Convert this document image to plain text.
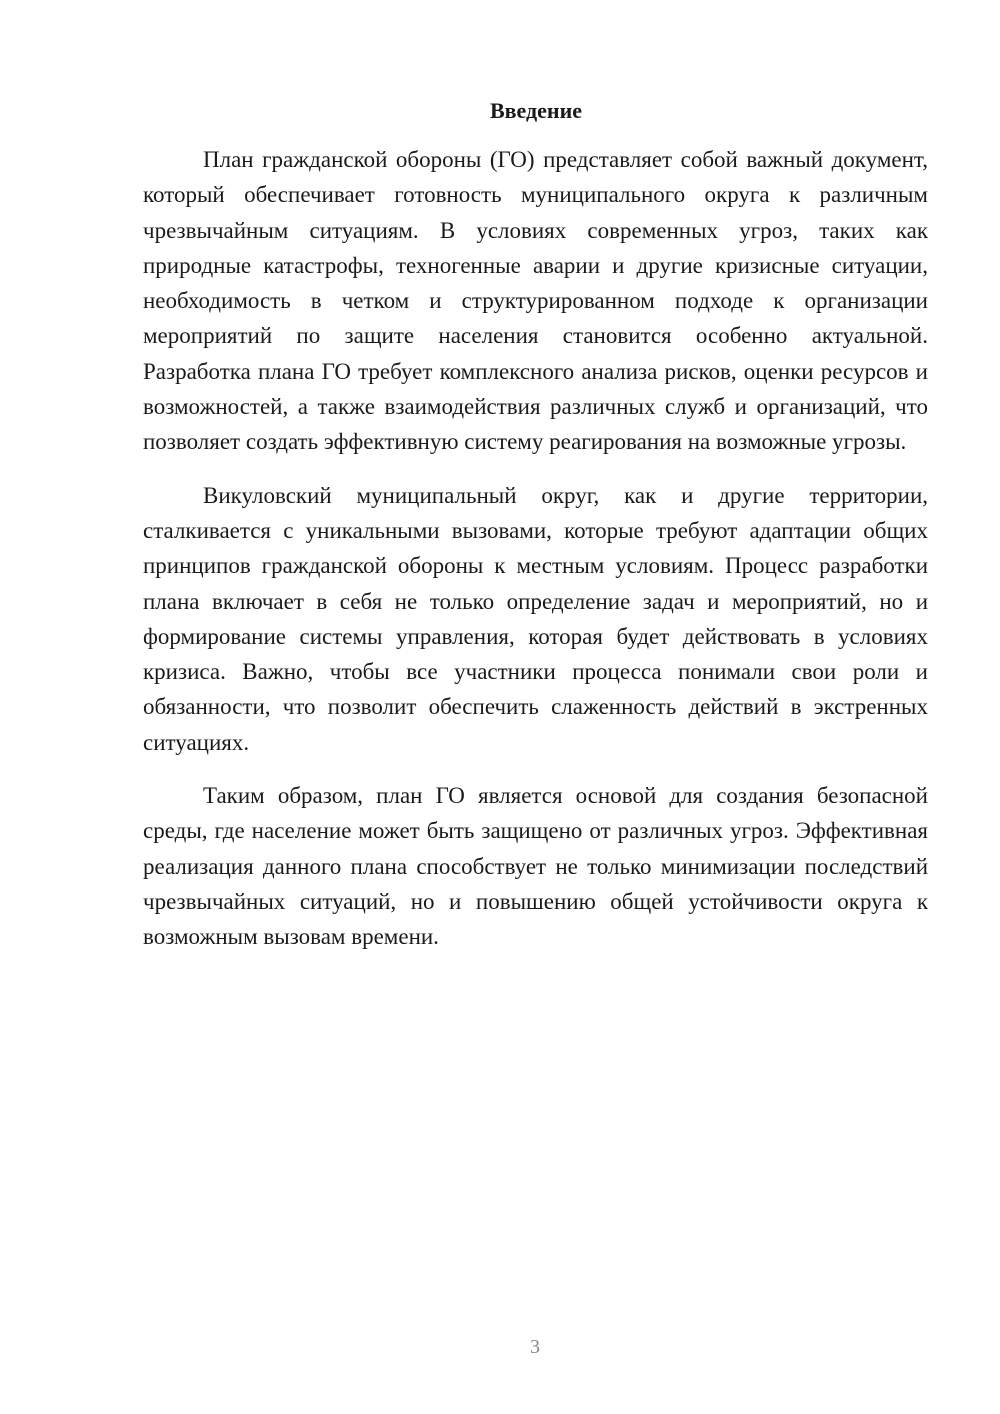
Введение

План гражданской обороны (ГО) представляет собой важный документ, который обеспечивает готовность муниципального округа к различным чрезвычайным ситуациям. В условиях современных угроз, таких как природные катастрофы, техногенные аварии и другие кризисные ситуации, необходимость в четком и структурированном подходе к организации мероприятий по защите населения становится особенно актуальной. Разработка плана ГО требует комплексного анализа рисков, оценки ресурсов и возможностей, а также взаимодействия различных служб и организаций, что позволяет создать эффективную систему реагирования на возможные угрозы.

Викуловский муниципальный округ, как и другие территории, сталкивается с уникальными вызовами, которые требуют адаптации общих принципов гражданской обороны к местным условиям. Процесс разработки плана включает в себя не только определение задач и мероприятий, но и формирование системы управления, которая будет действовать в условиях кризиса. Важно, чтобы все участники процесса понимали свои роли и обязанности, что позволит обеспечить слаженность действий в экстренных ситуациях.

Таким образом, план ГО является основой для создания безопасной среды, где население может быть защищено от различных угроз. Эффективная реализация данного плана способствует не только минимизации последствий чрезвычайных ситуаций, но и повышению общей устойчивости округа к возможным вызовам времени.

3
